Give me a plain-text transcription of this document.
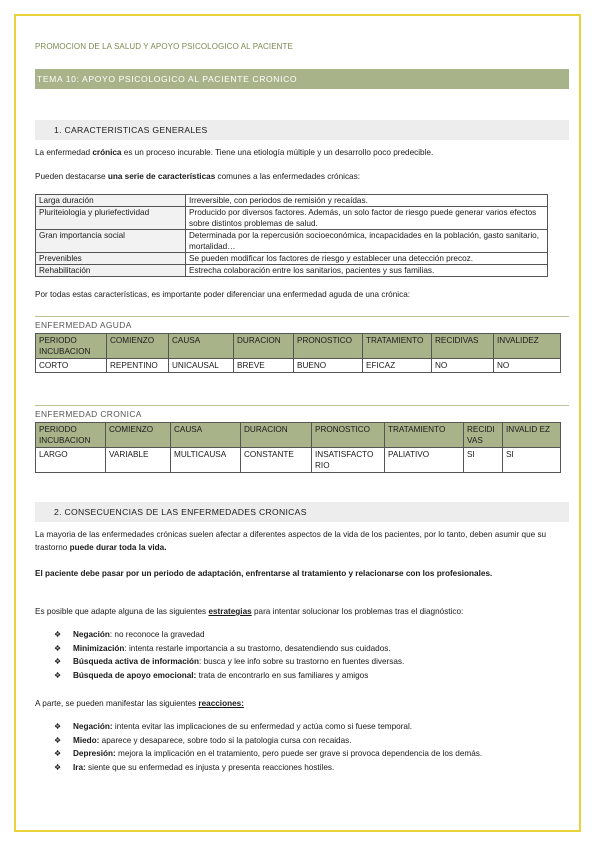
PROMOCION DE LA SALUD Y APOYO PSICOLOGICO AL PACIENTE
TEMA 10: APOYO PSICOLOGICO AL PACIENTE CRONICO
1. CARACTERISTICAS GENERALES
La enfermedad crónica es un proceso incurable. Tiene una etiología múltiple y un desarrollo poco predecible.
Pueden destacarse una serie de características comunes a las enfermedades crónicas:
Larga duración	Irreversible, con periodos de remisión y recaídas.
Pluriteiologia y pluriefectividad	Producido por diversos factores. Además, un solo factor de riesgo puede generar varios efectos sobre distintos problemas de salud.
Gran importancia social	Determinada por la repercusión socioeconómica, incapacidades en la población, gasto sanitario, mortalidad…
Prevenibles	Se pueden modificar los factores de riesgo y establecer una detección precoz.
Rehabilitación	Estrecha colaboración entre los sanitarios, pacientes y sus familias.
Por todas estas características, es importante poder diferenciar una enfermedad aguda de una crónica:
ENFERMEDAD AGUDA
PERIODO INCUBACION	COMIENZO	CAUSA	DURACION	PRONOSTICO	TRATAMIENTO	RECIDIVAS	INVALIDEZ
CORTO	REPENTINO	UNICAUSAL	BREVE	BUENO	EFICAZ	NO	NO
ENFERMEDAD CRONICA
PERIODO INCUBACION	COMIENZO	CAUSA	DURACION	PRONOSTICO	TRATAMIENTO	RECIDI VAS	INVALID EZ
LARGO	VARIABLE	MULTICAUSA	CONSTANTE	INSATISFACTO RIO	PALIATIVO	SI	SI
2. CONSECUENCIAS DE LAS ENFERMEDADES CRONICAS
La mayoria de las enfermedades crónicas suelen afectar a diferentes aspectos de la vida de los pacientes, por lo tanto, deben asumir que su trastorno puede durar toda la vida.
El paciente debe pasar por un periodo de adaptación, enfrentarse al tratamiento y relacionarse con los profesionales.
Es posible que adapte alguna de las siguientes estrategias para intentar solucionar los problemas tras el diagnóstico:
❖ Negación: no reconoce la gravedad
❖ Minimización: intenta restarle importancia a su trastorno, desatendiendo sus cuidados.
❖ Búsqueda activa de información: busca y lee info sobre su trastorno en fuentes diversas.
❖ Búsqueda de apoyo emocional: trata de encontrarlo en sus familiares y amigos
A parte, se pueden manifestar las siguientes reacciones:
❖ Negación: intenta evitar las implicaciones de su enfermedad y actúa como si fuese temporal.
❖ Miedo: aparece y desaparece, sobre todo si la patologia cursa con recaidas.
❖ Depresión: mejora la implicación en el tratamiento, pero puede ser grave si provoca dependencia de los demás.
❖ Ira: siente que su enfermedad es injusta y presenta reacciones hostiles.
